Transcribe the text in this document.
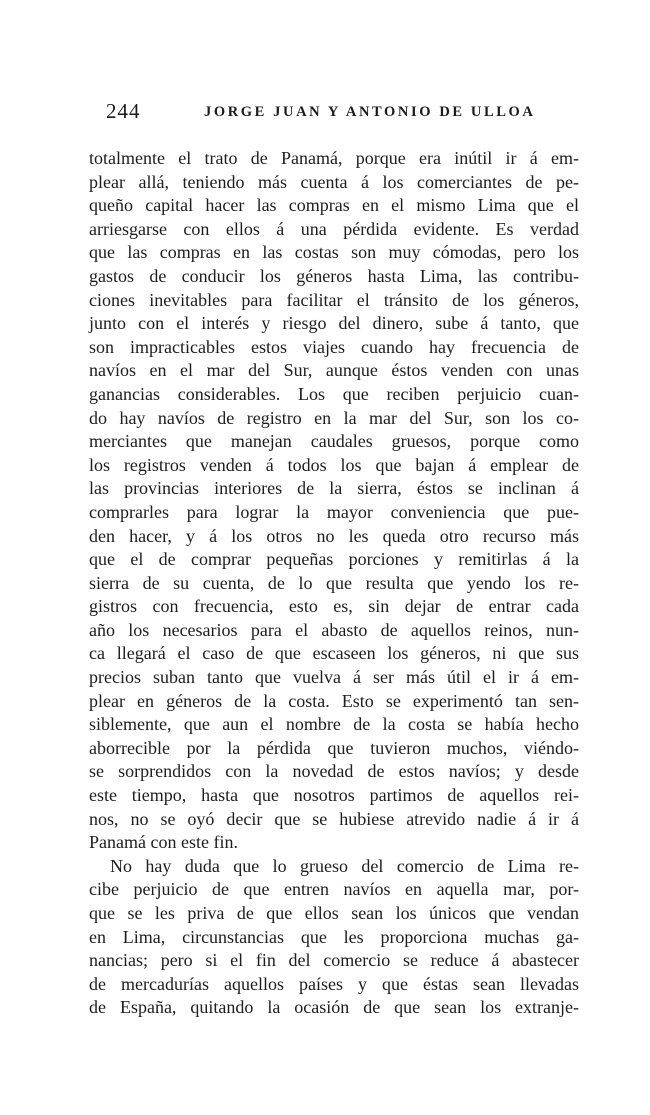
244	JORGE JUAN Y ANTONIO DE ULLOA
totalmente el trato de Panamá, porque era inútil ir á em-
plear allá, teniendo más cuenta á los comerciantes de pe-
queño capital hacer las compras en el mismo Lima que el
arriesgarse con ellos á una pérdida evidente. Es verdad
que las compras en las costas son muy cómodas, pero los
gastos de conducir los géneros hasta Lima, las contribu-
ciones inevitables para facilitar el tránsito de los géneros,
junto con el interés y riesgo del dinero, sube á tanto, que
son impracticables estos viajes cuando hay frecuencia de
navíos en el mar del Sur, aunque éstos venden con unas
ganancias considerables. Los que reciben perjuicio cuan-
do hay navíos de registro en la mar del Sur, son los co-
merciantes que manejan caudales gruesos, porque como
los registros venden á todos los que bajan á emplear de
las provincias interiores de la sierra, éstos se inclinan á
comprarles para lograr la mayor conveniencia que pue-
den hacer, y á los otros no les queda otro recurso más
que el de comprar pequeñas porciones y remitirlas á la
sierra de su cuenta, de lo que resulta que yendo los re-
gistros con frecuencia, esto es, sin dejar de entrar cada
año los necesarios para el abasto de aquellos reinos, nun-
ca llegará el caso de que escaseen los géneros, ni que sus
precios suban tanto que vuelva á ser más útil el ir á em-
plear en géneros de la costa. Esto se experimentó tan sen-
siblemente, que aun el nombre de la costa se había hecho
aborrecible por la pérdida que tuvieron muchos, viéndo-
se sorprendidos con la novedad de estos navíos; y desde
este tiempo, hasta que nosotros partimos de aquellos rei-
nos, no se oyó decir que se hubiese atrevido nadie á ir á
Panamá con este fin.
No hay duda que lo grueso del comercio de Lima re-
cibe perjuicio de que entren navíos en aquella mar, por-
que se les priva de que ellos sean los únicos que vendan
en Lima, circunstancias que les proporciona muchas ga-
nancias; pero si el fin del comercio se reduce á abastecer
de mercadurías aquellos países y que éstas sean llevadas
de España, quitando la ocasión de que sean los extranje-
